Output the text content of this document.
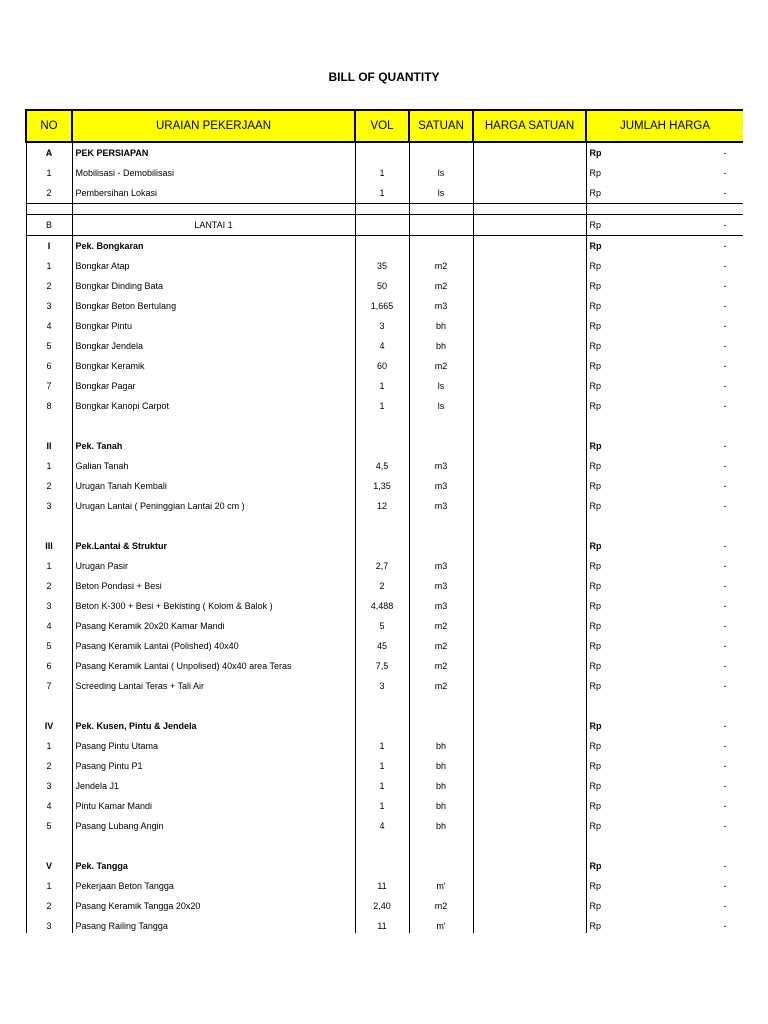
BILL OF QUANTITY
NO	URAIAN PEKERJAAN	VOL	SATUAN	HARGA SATUAN	JUMLAH HARGA
A	PEK PERSIAPAN				Rp -

1	Mobilisasi - Demobilisasi	1	ls		Rp -

2	Pembersihan Lokasi	1	ls		Rp -

B	LANTAI 1				Rp -

I	Pek. Bongkaran				Rp -

1	Bongkar Atap	35	m2		Rp -

2	Bongkar Dinding Bata	50	m2		Rp -

3	Bongkar Beton Bertulang	1,665	m3		Rp -

4	Bongkar Pintu	3	bh		Rp -

5	Bongkar Jendela	4	bh		Rp -

6	Bongkar Keramik	60	m2		Rp -

7	Bongkar Pagar	1	ls		Rp -

8	Bongkar Kanopi Carpot	1	ls		Rp -

II	Pek. Tanah				Rp -

1	Galian Tanah	4,5	m3		Rp -

2	Urugan Tanah Kembali	1,35	m3		Rp -

3	Urugan Lantai ( Peninggian Lantai 20 cm )	12	m3		Rp -

III	Pek.Lantai & Struktur				Rp -

1	Urugan Pasir	2,7	m3		Rp -

2	Beton Pondasi + Besi	2	m3		Rp -

3	Beton K-300 + Besi + Bekisting ( Kolom & Balok )	4,488	m3		Rp -

4	Pasang Keramik 20x20 Kamar Mandi	5	m2		Rp -

5	Pasang Keramik Lantai (Polished) 40x40	45	m2		Rp -

6	Pasang Keramik Lantai ( Unpolised) 40x40 area Teras	7,5	m2		Rp -

7	Screeding Lantai Teras + Tali Air	3	m2		Rp -

IV	Pek. Kusen, Pintu & Jendela				Rp -

1	Pasang Pintu Utama	1	bh		Rp -

2	Pasang Pintu P1	1	bh		Rp -

3	Jendela J1	1	bh		Rp -

4	Pintu Kamar Mandi	1	bh		Rp -

5	Pasang Lubang Angin	4	bh		Rp -

V	Pek. Tangga				Rp -

1	Pekerjaan Beton Tangga	11	m'		Rp -

2	Pasang Keramik Tangga 20x20	2,40	m2		Rp -

3	Pasang Railing Tangga	11	m'		Rp -
